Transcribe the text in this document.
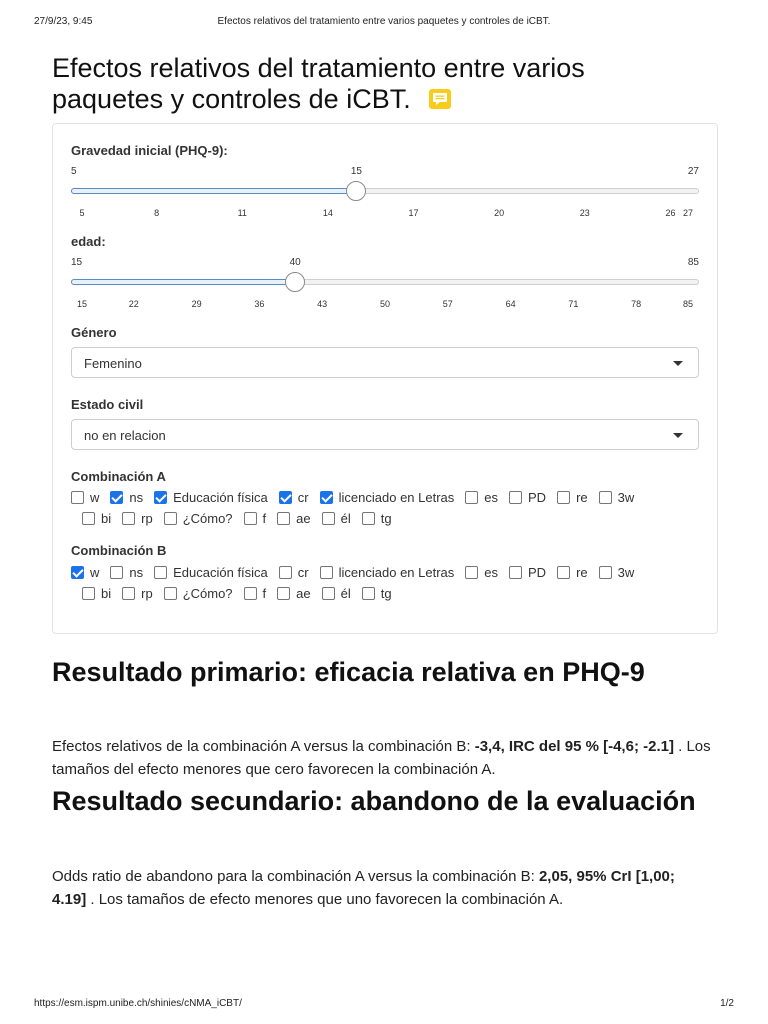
27/9/23, 9:45	Efectos relativos del tratamiento entre varios paquetes y controles de iCBT.
Efectos relativos del tratamiento entre varios paquetes y controles de iCBT.
Gravedad inicial (PHQ-9):
5	15	27
5	8	11	14	17	20	23	26 27
edad:
15	40	85
15	22	29	36	43	50	57	64	71	78	85
Género
Femenino
Estado civil
no en relacion
Combinación A
w ns Educación física cr licenciado en Letras es PD re 3w
bi rp ¿Cómo? f ae él tg
Combinación B
w ns Educación física cr licenciado en Letras es PD re 3w
bi rp ¿Cómo? f ae él tg
Resultado primario: eficacia relativa en PHQ-9

Efectos relativos de la combinación A versus la combinación B: -3,4, IRC del 95 % [-4,6; -2.1] . Los tamaños del efecto menores que cero favorecen la combinación A.

Resultado secundario: abandono de la evaluación

Odds ratio de abandono para la combinación A versus la combinación B: 2,05, 95% CrI [1,00; 4.19] . Los tamaños de efecto menores que uno favorecen la combinación A.

https://esm.ispm.unibe.ch/shinies/cNMA_iCBT/	1/2
